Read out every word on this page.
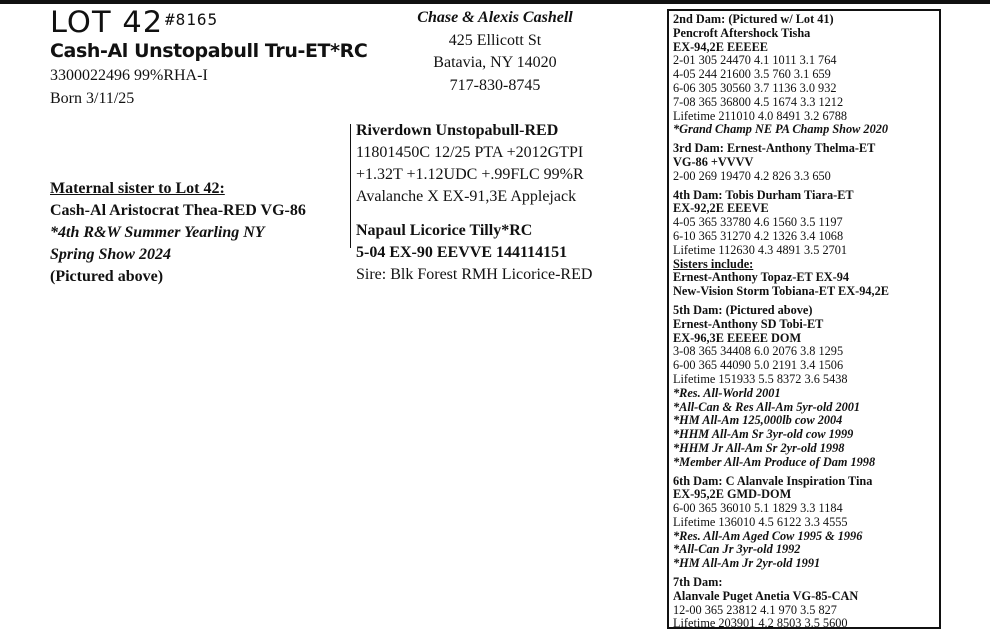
LOT 42 #8165
Cash-Al Unstopabull Tru-ET*RC
3300022496 99%RHA-I
Born 3/11/25
Maternal sister to Lot 42:
Cash-Al Aristocrat Thea-RED VG-86
*4th R&W Summer Yearling NY
Spring Show 2024
(Pictured above)
Chase & Alexis Cashell
425 Ellicott St
Batavia, NY 14020
717-830-8745
Riverdown Unstopabull-RED
11801450C 12/25 PTA +2012GTPI
+1.32T +1.12UDC +.99FLC 99%R
Avalanche X EX-91,3E Applejack
Napaul Licorice Tilly*RC
5-04 EX-90 EEVVE 144114151
Sire: Blk Forest RMH Licorice-RED
2nd Dam: (Pictured w/ Lot 41)
Pencroft Aftershock Tisha
EX-94,2E EEEEE
2-01 305 24470 4.1 1011 3.1 764
4-05 244 21600 3.5 760 3.1 659
6-06 305 30560 3.7 1136 3.0 932
7-08 365 36800 4.5 1674 3.3 1212
Lifetime 211010 4.0 8491 3.2 6788
*Grand Champ NE PA Champ Show 2020
3rd Dam: Ernest-Anthony Thelma-ET
VG-86 +VVVV
2-00 269 19470 4.2 826 3.3 650
4th Dam: Tobis Durham Tiara-ET
EX-92,2E EEEVE
4-05 365 33780 4.6 1560 3.5 1197
6-10 365 31270 4.2 1326 3.4 1068
Lifetime 112630 4.3 4891 3.5 2701
Sisters include:
Ernest-Anthony Topaz-ET EX-94
New-Vision Storm Tobiana-ET EX-94,2E
5th Dam: (Pictured above)
Ernest-Anthony SD Tobi-ET
EX-96,3E EEEEE DOM
3-08 365 34408 6.0 2076 3.8 1295
6-00 365 44090 5.0 2191 3.4 1506
Lifetime 151933 5.5 8372 3.6 5438
*Res. All-World 2001
*All-Can & Res All-Am 5yr-old 2001
*HM All-Am 125,000lb cow 2004
*HHM All-Am Sr 3yr-old cow 1999
*HHM Jr All-Am Sr 2yr-old 1998
*Member All-Am Produce of Dam 1998
6th Dam: C Alanvale Inspiration Tina
EX-95,2E GMD-DOM
6-00 365 36010 5.1 1829 3.3 1184
Lifetime 136010 4.5 6122 3.3 4555
*Res. All-Am Aged Cow 1995 & 1996
*All-Can Jr 3yr-old 1992
*HM All-Am Jr 2yr-old 1991
7th Dam:
Alanvale Puget Anetia VG-85-CAN
12-00 365 23812 4.1 970 3.5 827
Lifetime 203901 4.2 8503 3.5 5600
